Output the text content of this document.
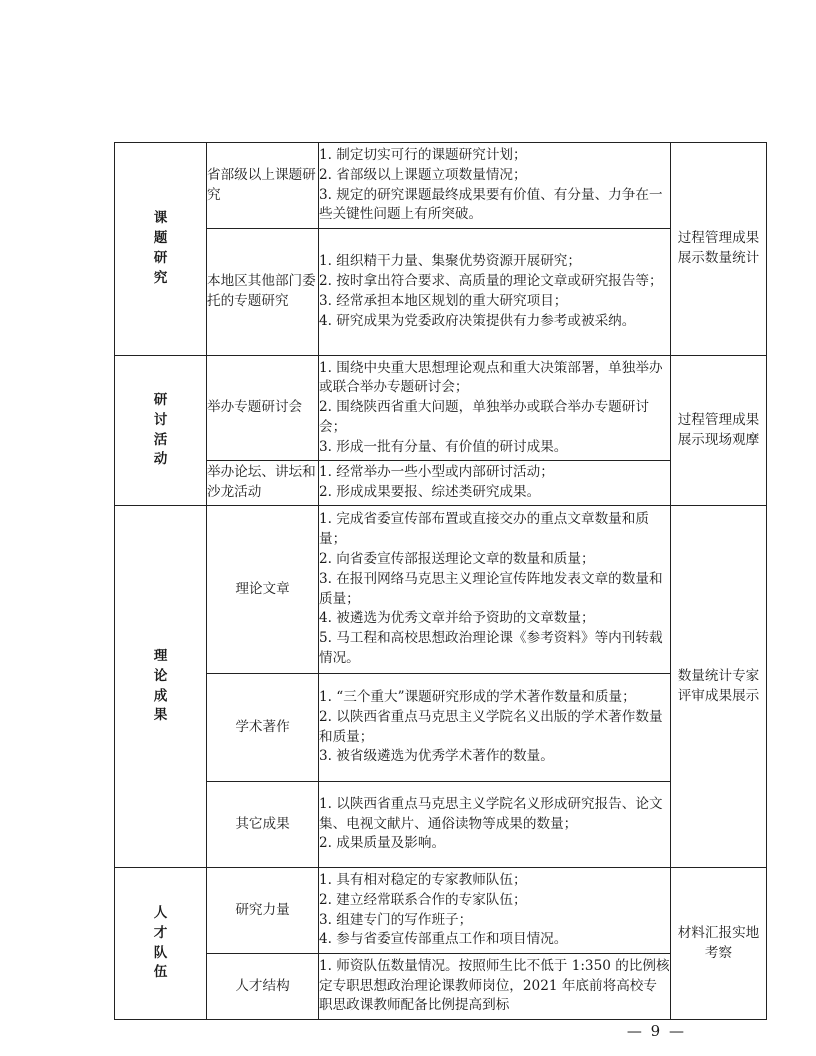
课题研究	省部级以上课题研究	1. 制定切实可行的课题研究计划；
2. 省部级以上课题立项数量情况；
3. 规定的研究课题最终成果要有价值、有分量、力争在一些关键性问题上有所突破。	过程管理成果展示数量统计
	本地区其他部门委托的专题研究	1. 组织精干力量、集聚优势资源开展研究；
2. 按时拿出符合要求、高质量的理论文章或研究报告等；
3. 经常承担本地区规划的重大研究项目；
4. 研究成果为党委政府决策提供有力参考或被采纳。	

研讨活动	举办专题研讨会	1. 围绕中央重大思想理论观点和重大决策部署，单独举办或联合举办专题研讨会；
2. 围绕陕西省重大问题，单独举办或联合举办专题研讨会；
3. 形成一批有分量、有价值的研讨成果。	过程管理成果展示现场观摩
	举办论坛、讲坛和沙龙活动	1. 经常举办一些小型或内部研讨活动；
2. 形成成果要报、综述类研究成果。	

理论成果	理论文章	1. 完成省委宣传部布置或直接交办的重点文章数量和质量；
2. 向省委宣传部报送理论文章的数量和质量；
3. 在报刊网络马克思主义理论宣传阵地发表文章的数量和质量；
4. 被遴选为优秀文章并给予资助的文章数量；
5. 马工程和高校思想政治理论课《参考资料》等内刊转载情况。	数量统计专家评审成果展示
	学术著作	1. “三个重大”课题研究形成的学术著作数量和质量；
2. 以陕西省重点马克思主义学院名义出版的学术著作数量和质量；
3. 被省级遴选为优秀学术著作的数量。	

	其它成果	1. 以陕西省重点马克思主义学院名义形成研究报告、论文集、电视文献片、通俗读物等成果的数量；
2. 成果质量及影响。	

人才队伍	研究力量	1. 具有相对稳定的专家教师队伍；
2. 建立经常联系合作的专家队伍；
3. 组建专门的写作班子；
4. 参与省委宣传部重点工作和项目情况。	材料汇报实地考察
	人才结构	1. 师资队伍数量情况。按照师生比不低于 1:350 的比例核定专职思想政治理论课教师岗位，2021 年底前将高校专职思政课教师配备比例提高到标	
— 9 —
